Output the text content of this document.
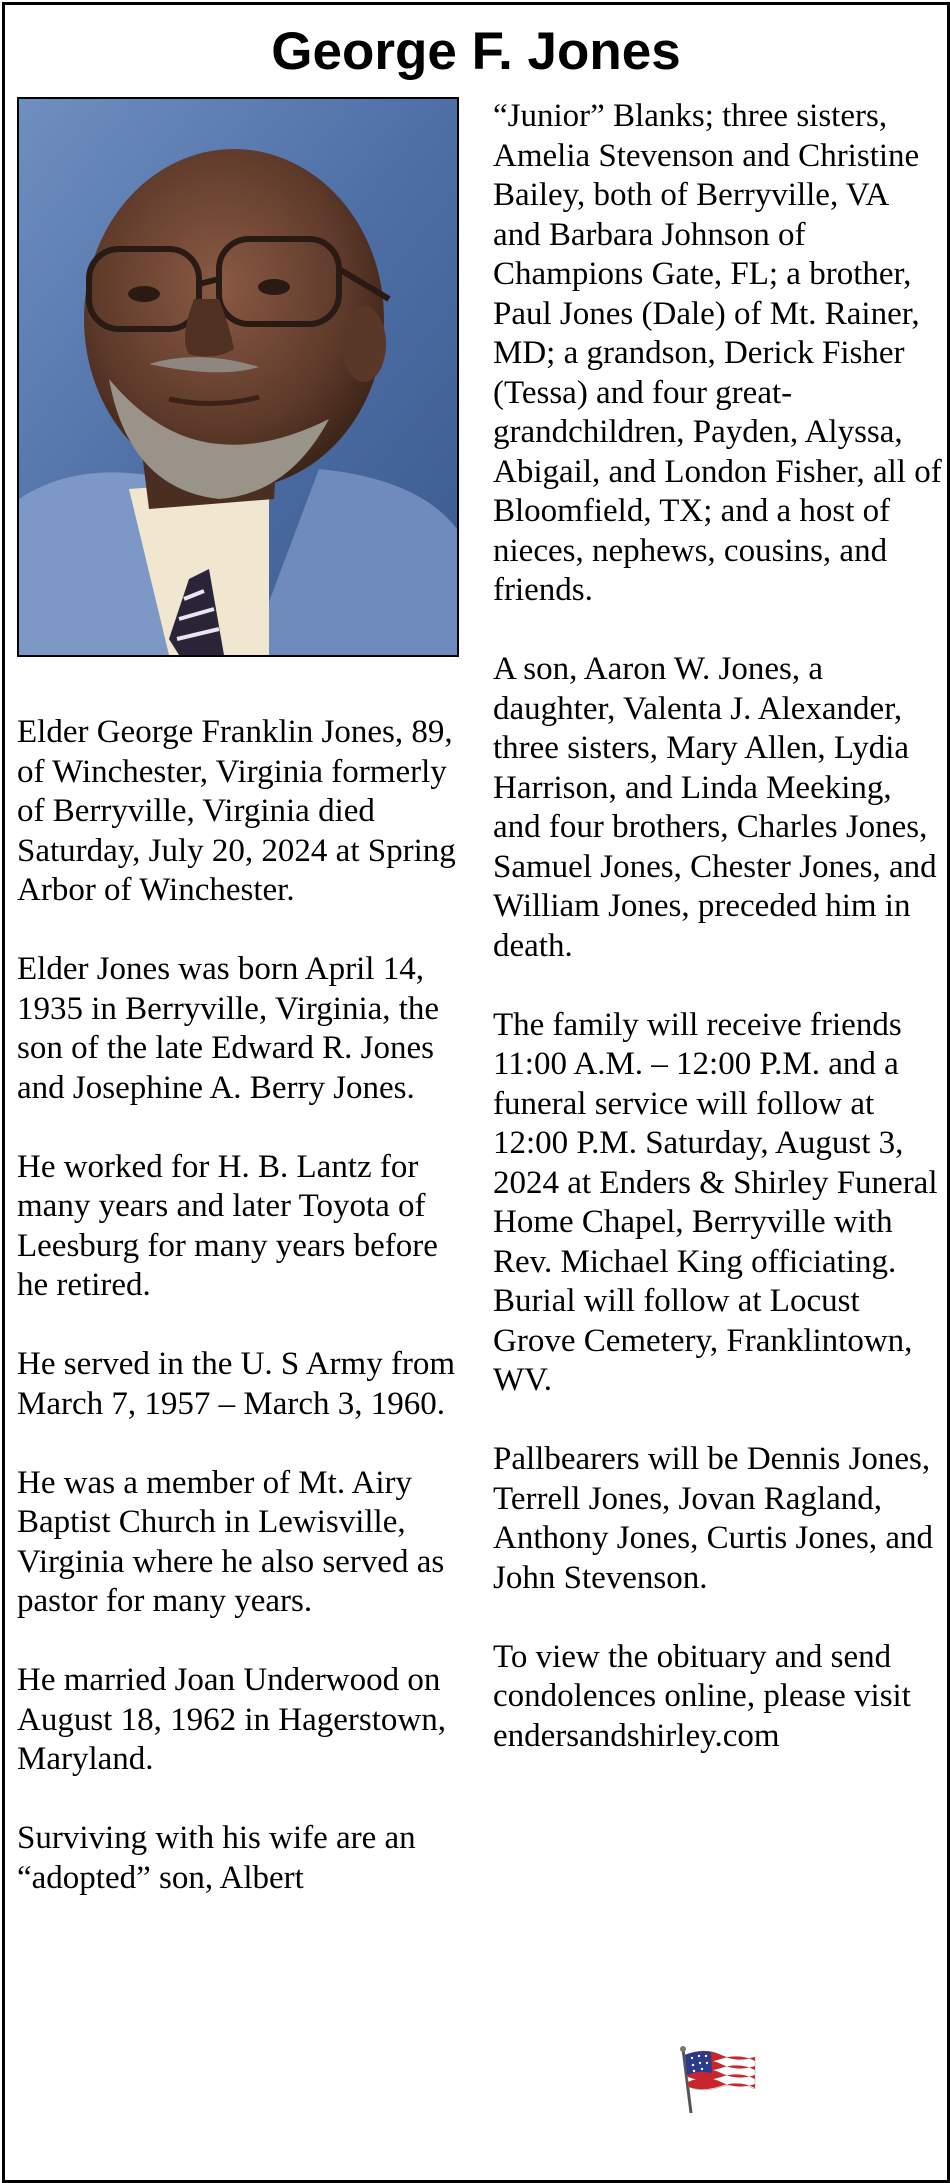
George F. Jones

Elder George Franklin Jones, 89, of Winchester, Virginia formerly of Berryville, Virginia died Saturday, July 20, 2024 at Spring Arbor of Winchester.

Elder Jones was born April 14, 1935 in Berryville, Virginia, the son of the late Edward R. Jones and Josephine A. Berry Jones.

He worked for H. B. Lantz for many years and later Toyota of Leesburg for many years before he retired.

He served in the U. S Army from March 7, 1957 – March 3, 1960.

He was a member of Mt. Airy Baptist Church in Lewisville, Virginia where he also served as pastor for many years.

He married Joan Underwood on August 18, 1962 in Hagerstown, Maryland.

Surviving with his wife are an “adopted” son, Albert

“Junior” Blanks; three sisters, Amelia Stevenson and Christine Bailey, both of Berryville, VA and Barbara Johnson of Champions Gate, FL; a brother, Paul Jones (Dale) of Mt. Rainer, MD; a grandson, Derick Fisher (Tessa) and four great-grandchildren, Payden, Alyssa, Abigail, and London Fisher, all of Bloomfield, TX; and a host of nieces, nephews, cousins, and friends.

A son, Aaron W. Jones, a daughter, Valenta J. Alexander, three sisters, Mary Allen, Lydia Harrison, and Linda Meeking, and four brothers, Charles Jones, Samuel Jones, Chester Jones, and William Jones, preceded him in death.

The family will receive friends 11:00 A.M. – 12:00 P.M. and a funeral service will follow at 12:00 P.M. Saturday, August 3, 2024 at Enders & Shirley Funeral Home Chapel, Berryville with Rev. Michael King officiating. Burial will follow at Locust Grove Cemetery, Franklintown, WV.

Pallbearers will be Dennis Jones, Terrell Jones, Jovan Ragland, Anthony Jones, Curtis Jones, and John Stevenson.

To view the obituary and send condolences online, please visit endersandshirley.com
